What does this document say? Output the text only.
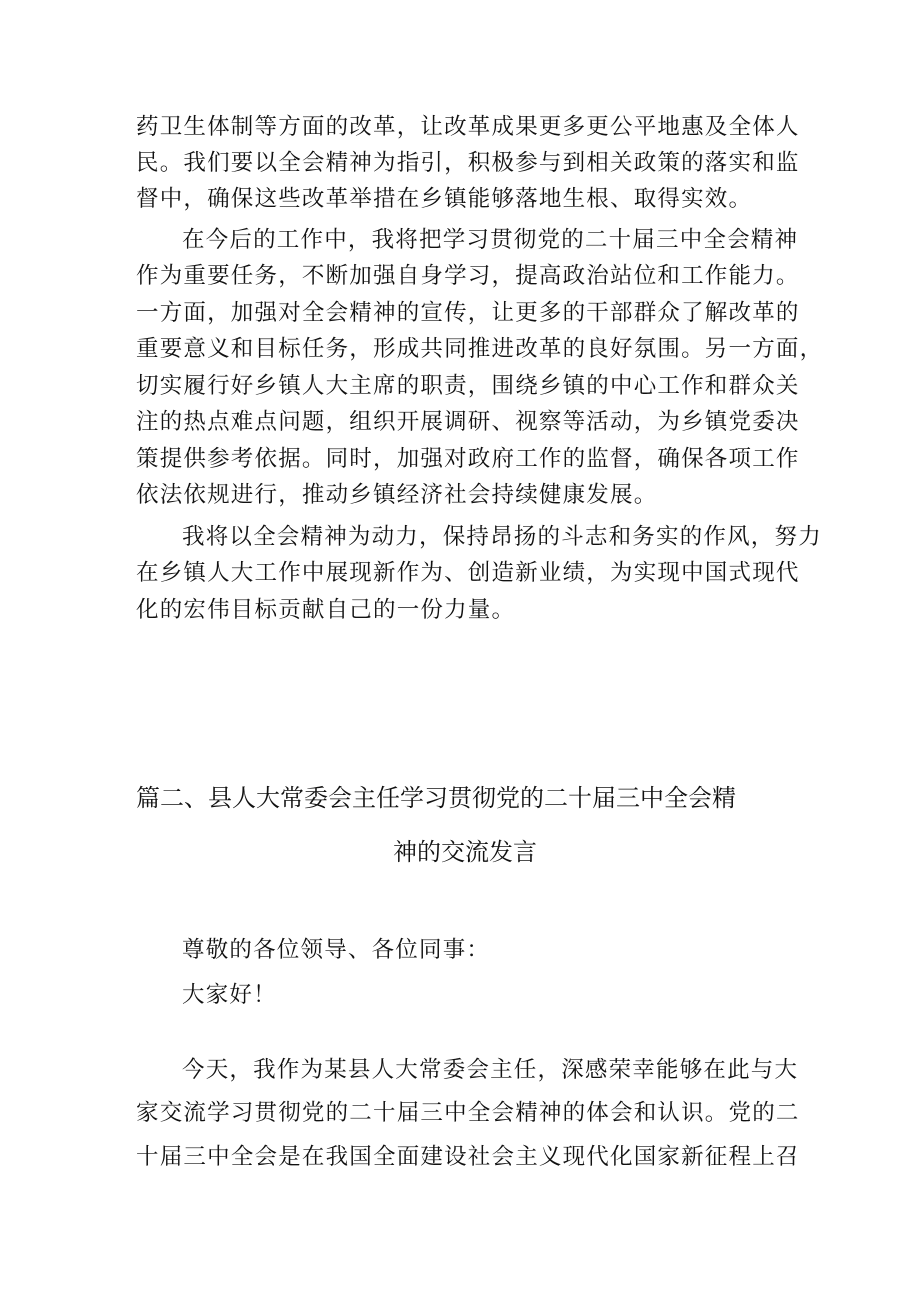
药卫生体制等方面的改革，让改革成果更多更公平地惠及全体人
民。我们要以全会精神为指引，积极参与到相关政策的落实和监
督中，确保这些改革举措在乡镇能够落地生根、取得实效。
在今后的工作中，我将把学习贯彻党的二十届三中全会精神
作为重要任务，不断加强自身学习，提高政治站位和工作能力。
一方面，加强对全会精神的宣传，让更多的干部群众了解改革的
重要意义和目标任务，形成共同推进改革的良好氛围。另一方面，
切实履行好乡镇人大主席的职责，围绕乡镇的中心工作和群众关
注的热点难点问题，组织开展调研、视察等活动，为乡镇党委决
策提供参考依据。同时，加强对政府工作的监督，确保各项工作
依法依规进行，推动乡镇经济社会持续健康发展。
我将以全会精神为动力，保持昂扬的斗志和务实的作风，努力
在乡镇人大工作中展现新作为、创造新业绩，为实现中国式现代
化的宏伟目标贡献自己的一份力量。
篇二、县人大常委会主任学习贯彻党的二十届三中全会精
神的交流发言
尊敬的各位领导、各位同事：
大家好！
今天，我作为某县人大常委会主任，深感荣幸能够在此与大
家交流学习贯彻党的二十届三中全会精神的体会和认识。党的二
十届三中全会是在我国全面建设社会主义现代化国家新征程上召
